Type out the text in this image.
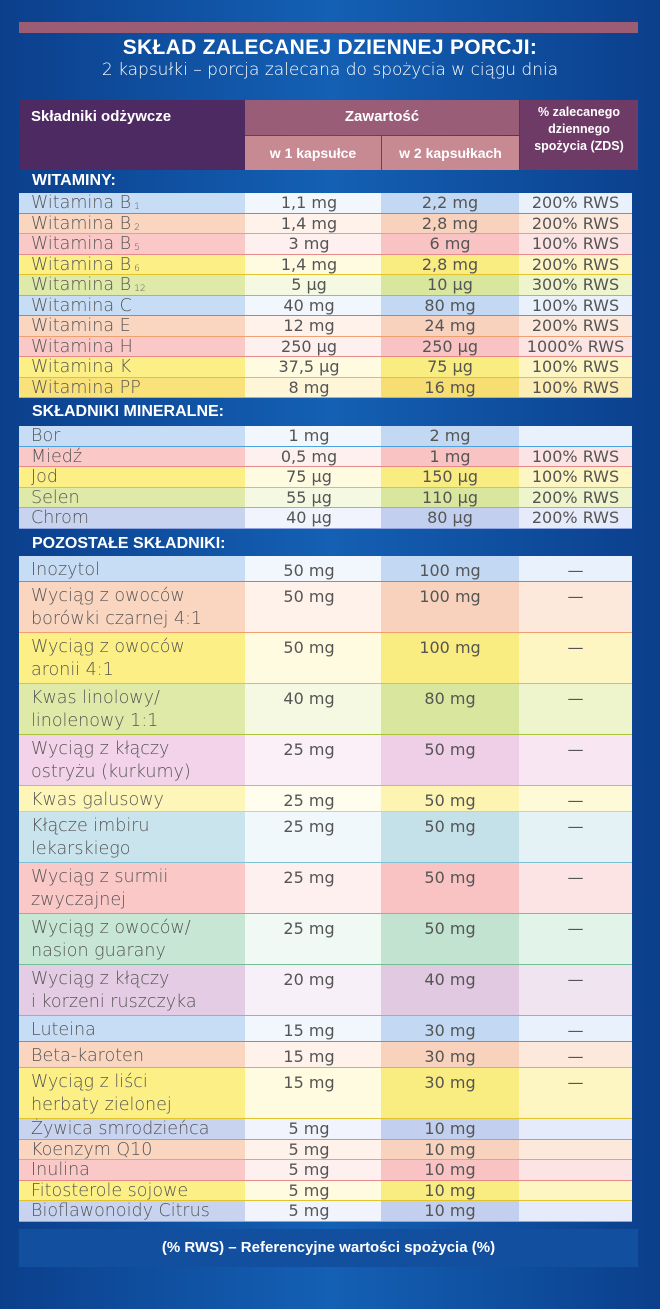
SKŁAD ZALECANEJ DZIENNEJ PORCJI:
2 kapsułki – porcja zalecana do spożycia w ciągu dnia
Składniki odżywcze	Zawartość
w 1 kapsułce	w 2 kapsułkach
% zalecanego
dziennego
spożycia (ZDS)
WITAMINY:
Witamina B $_1$	1,1 mg	2,2 mg	200% RWS
Witamina B $_2$	1,4 mg	2,8 mg	200% RWS
Witamina B $_5$	3 mg	6 mg	100% RWS
Witamina B $_6$	1,4 mg	2,8 mg	200% RWS
Witamina B $_{12}$	5 µg	10 µg	300% RWS
Witamina C	40 mg	80 mg	100% RWS
Witamina E	12 mg	24 mg	200% RWS
Witamina H	250 µg	250 µg	1000% RWS
Witamina K	37,5 µg	75 µg	100% RWS
Witamina PP	8 mg	16 mg	100% RWS
SKŁADNIKI MINERALNE:
Bor	1 mg	2 mg
Miedź	0,5 mg	1 mg	100% RWS
Jod	75 µg	150 µg	100% RWS
Selen	55 µg	110 µg	200% RWS
Chrom	40 µg	80 µg	200% RWS
POZOSTAŁE SKŁADNIKI:
Inozytol	50 mg	100 mg	—
Wyciąg z owoców
borówki czarnej 4:1
50 mg	100 mg	—
Wyciąg z owoców
aronii 4:1
50 mg	100 mg	—
Kwas linolowy/
linolenowy 1:1
40 mg	80 mg	—
Wyciąg z kłączy
ostryżu (kurkumy)
25 mg	50 mg	—
Kwas galusowy	25 mg	50 mg	—
Kłącze imbiru
lekarskiego
25 mg	50 mg	—
Wyciąg z surmii
zwyczajnej
25 mg	50 mg	—
Wyciąg z owoców/
nasion guarany
25 mg	50 mg	—
Wyciąg z kłączy
i korzeni ruszczyka
20 mg	40 mg	—
Luteina	15 mg	30 mg	—
Beta-karoten	15 mg	30 mg	—
Wyciąg z liści
herbaty zielonej
15 mg	30 mg	—
Żywica smrodzieńca	5 mg	10 mg
Koenzym Q10	5 mg	10 mg
Inulina	5 mg	10 mg
Fitosterole sojowe	5 mg	10 mg
Bioflawonoidy Citrus	5 mg	10 mg
(% RWS) – Referencyjne wartości spożycia (%)
